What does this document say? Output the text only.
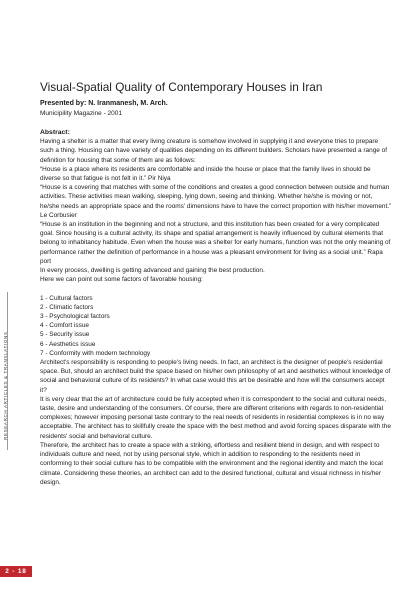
RESEARCH ARTICLES & TRANSLATIONS
2 - 18
Visual-Spatial Quality of Contemporary Houses in Iran

Presented by: N. Iranmanesh, M. Arch.

Municipility Magazine - 2001

Abstract:

Having a shelter is a matter that every living creature is somehow involved in supplying it and everyone tries to prepare such a thing. Housing can have variety of qualities depending on its different builders. Scholars have presented a range of definition for housing that some of them are as follows:

“House is a place where its residents are comfortable and inside the house or place that the family lives in should be diverse so that fatigue is not felt in it.” Pir Niya

“House is a covering that matches with some of the conditions and creates a good connection between outside and human activities. These activities mean walking, sleeping, lying down, seeing and thinking. Whether he/she is moving or not, he/she needs an appropriate space and the rooms' dimensions have to have the correct proportion with his/her movement.” Le Corbusier

“House is an institution in the beginning and not a structure, and this institution has been created for a very complicated goal. Since housing is a cultural activity, its shape and spatial arrangement is heavily influenced by cultural elements that belong to inhabitancy habitude. Even when the house was a shelter for early humans, function was not the only meaning of performance rather the definition of performance in a house was a pleasant environment for living as a social unit.” Rapa port

In every process, dwelling is getting advanced and gaining the best production.

Here we can point out some factors of favorable housing:

1 - Cultural factors
2 - Climatic factors
3 - Psychological factors
4 - Comfort issue
5 - Security issue
6 - Aesthetics issue
7 - Conformity with modern technology

Architect's responsibility is responding to people's living needs. In fact, an architect is the designer of people's residential space. But, should an architect build the space based on his/her own philosophy of art and aesthetics without knowledge of social and behavioral culture of its residents? In what case would this art be desirable and how will the consumers accept it?

It is very clear that the art of architecture could be fully accepted when it is correspondent to the social and cultural needs, taste, desire and understanding of the consumers. Of course, there are different criterions with regards to non-residential complexes; however imposing personal taste contrary to the real needs of residents in residential complexes is in no way acceptable. The architect has to skillfully create the space with the best method and avoid forcing spaces disparate with the residents' social and behavioral culture.

Therefore, the architect has to create a space with a striking, effortless and resilient blend in design, and with respect to individuals culture and need, not by using personal style, which in addition to responding to the residents need in conforming to their social culture has to be compatible with the environment and the regional identity and match the local climate. Considering these theories, an architect can add to the desired functional, cultural and visual richness in his/her design.
